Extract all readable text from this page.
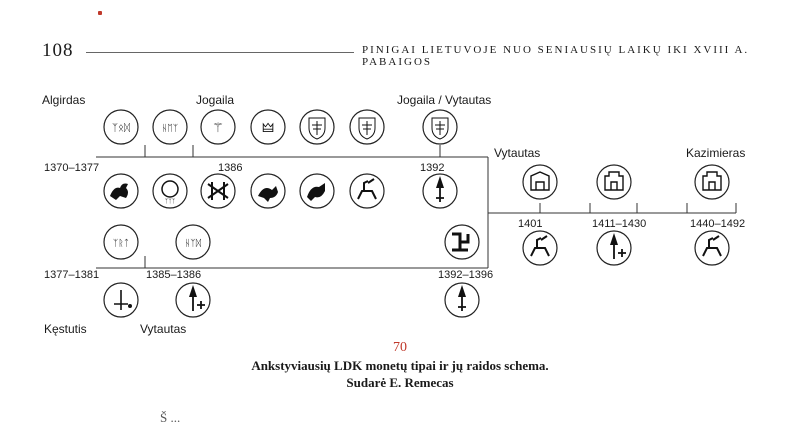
108	PINIGAI LIETUVOJE NUO SENIAUSIŲ LAIKŲ IKI XVIII A. PABAIGOS
ᛉᛟᛞ	ᚺᛖᛉ	⚚	🜲
ᛉᛉᛉ
ᛉᚱᛏ	ᚺᛉᛞ
Algirdas	Jogaila	Jogaila / Vytautas
Vytautas	Kazimieras
Kęstutis	Vytautas
1370–1377	1386	1392
1401	1411–1430	1440–1492
1377–1381	1385–1386	1392–1396
70
Ankstyviausių LDK monetų tipai ir jų raidos schema.
Sudarė E. Remecas
Š ...
